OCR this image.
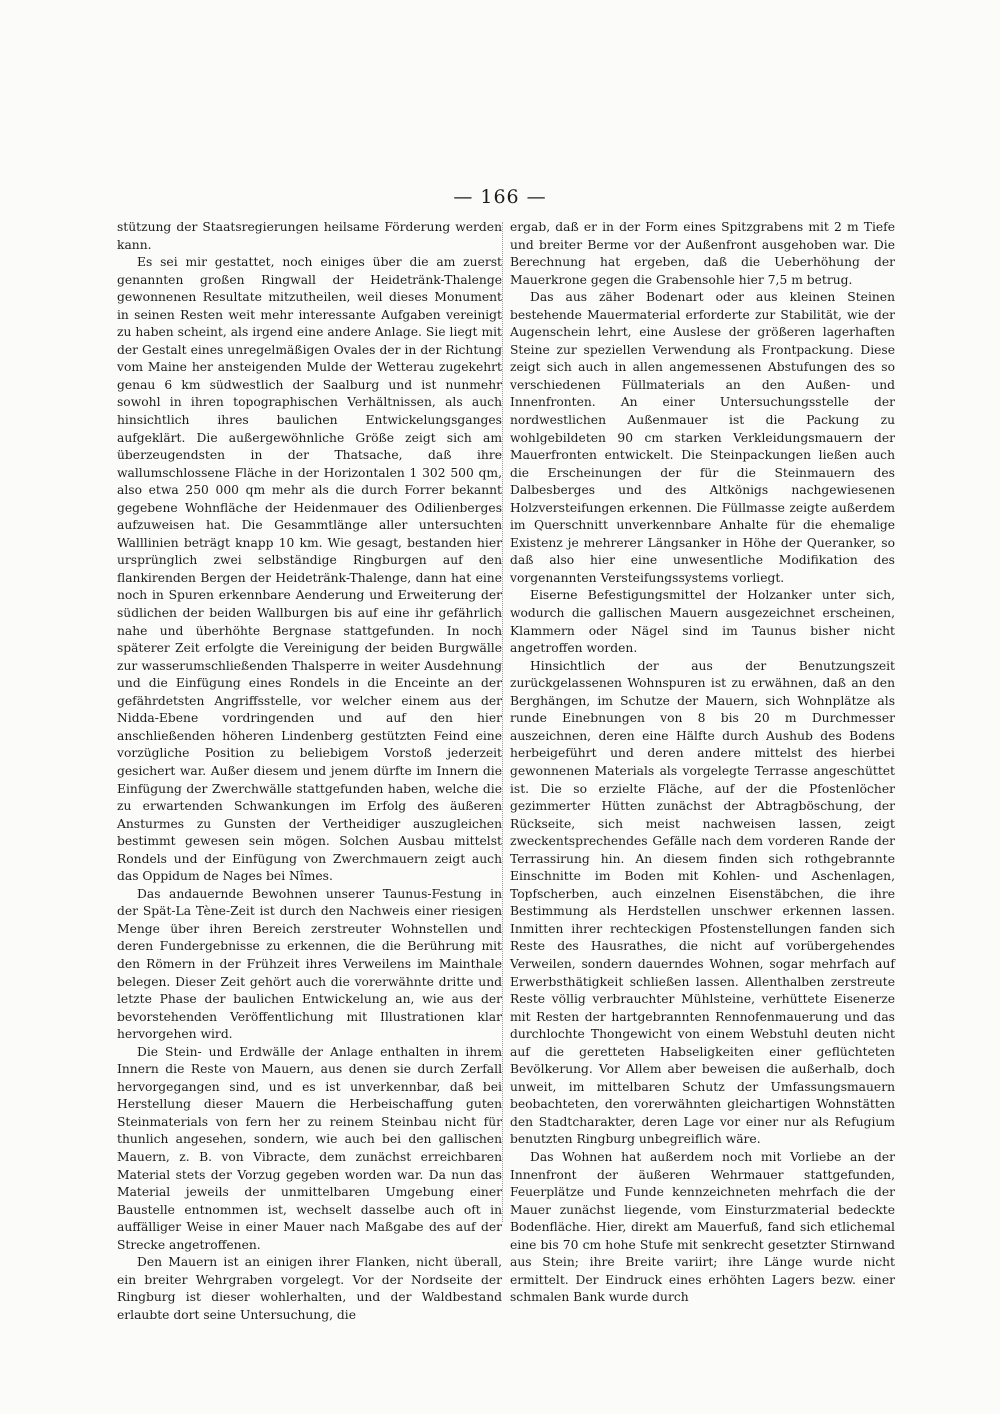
— 166 —

stützung der Staatsregierungen heilsame Förderung werden kann.

Es sei mir gestattet, noch einiges über die am zuerst genannten großen Ringwall der Heidetränk-Thalenge gewonnenen Resultate mitzutheilen, weil dieses Monument in seinen Resten weit mehr interessante Aufgaben vereinigt zu haben scheint, als irgend eine andere Anlage. Sie liegt mit der Gestalt eines unregelmäßigen Ovales der in der Richtung vom Maine her ansteigenden Mulde der Wetterau zugekehrt genau 6 km südwestlich der Saalburg und ist nunmehr sowohl in ihren topographischen Verhältnissen, als auch hinsichtlich ihres baulichen Entwickelungsganges aufgeklärt. Die außergewöhnliche Größe zeigt sich am überzeugendsten in der Thatsache, daß ihre wallumschlossene Fläche in der Horizontalen 1 302 500 qm, also etwa 250 000 qm mehr als die durch Forrer bekannt gegebene Wohnfläche der Heidenmauer des Odilienberges aufzuweisen hat. Die Gesammtlänge aller untersuchten Walllinien beträgt knapp 10 km. Wie gesagt, bestanden hier ursprünglich zwei selbständige Ringburgen auf den flankirenden Bergen der Heidetränk-Thalenge, dann hat eine noch in Spuren erkennbare Aenderung und Erweiterung der südlichen der beiden Wallburgen bis auf eine ihr gefährlich nahe und überhöhte Bergnase stattgefunden. In noch späterer Zeit erfolgte die Vereinigung der beiden Burgwälle zur wasserumschließenden Thalsperre in weiter Ausdehnung und die Einfügung eines Rondels in die Enceinte an der gefährdetsten Angriffsstelle, vor welcher einem aus der Nidda-Ebene vordringenden und auf den hier anschließenden höheren Lindenberg gestützten Feind eine vorzügliche Position zu beliebigem Vorstoß jederzeit gesichert war. Außer diesem und jenem dürfte im Innern die Einfügung der Zwerchwälle stattgefunden haben, welche die zu erwartenden Schwankungen im Erfolg des äußeren Ansturmes zu Gunsten der Vertheidiger auszugleichen bestimmt gewesen sein mögen. Solchen Ausbau mittelst Rondels und der Einfügung von Zwerchmauern zeigt auch das Oppidum de Nages bei Nîmes.

Das andauernde Bewohnen unserer Taunus-Festung in der Spät-La Tène-Zeit ist durch den Nachweis einer riesigen Menge über ihren Bereich zerstreuter Wohnstellen und deren Fundergebnisse zu erkennen, die die Berührung mit den Römern in der Frühzeit ihres Verweilens im Mainthale belegen. Dieser Zeit gehört auch die vorerwähnte dritte und letzte Phase der baulichen Entwickelung an, wie aus der bevorstehenden Veröffentlichung mit Illustrationen klar hervorgehen wird.

Die Stein- und Erdwälle der Anlage enthalten in ihrem Innern die Reste von Mauern, aus denen sie durch Zerfall hervorgegangen sind, und es ist unverkennbar, daß bei Herstellung dieser Mauern die Herbeischaffung guten Steinmaterials von fern her zu reinem Steinbau nicht für thunlich angesehen, sondern, wie auch bei den gallischen Mauern, z. B. von Vibracte, dem zunächst erreichbaren Material stets der Vorzug gegeben worden war. Da nun das Material jeweils der unmittelbaren Umgebung einer Baustelle entnommen ist, wechselt dasselbe auch oft in auffälliger Weise in einer Mauer nach Maßgabe des auf der Strecke angetroffenen.

Den Mauern ist an einigen ihrer Flanken, nicht überall, ein breiter Wehrgraben vorgelegt. Vor der Nordseite der Ringburg ist dieser wohlerhalten, und der Waldbestand erlaubte dort seine Untersuchung, die

ergab, daß er in der Form eines Spitzgrabens mit 2 m Tiefe und breiter Berme vor der Außenfront ausgehoben war. Die Berechnung hat ergeben, daß die Ueberhöhung der Mauerkrone gegen die Grabensohle hier 7,5 m betrug.

Das aus zäher Bodenart oder aus kleinen Steinen bestehende Mauermaterial erforderte zur Stabilität, wie der Augenschein lehrt, eine Auslese der größeren lagerhaften Steine zur speziellen Verwendung als Frontpackung. Diese zeigt sich auch in allen angemessenen Abstufungen des so verschiedenen Füllmaterials an den Außen- und Innenfronten. An einer Untersuchungsstelle der nordwestlichen Außenmauer ist die Packung zu wohlgebildeten 90 cm starken Verkleidungsmauern der Mauerfronten entwickelt. Die Steinpackungen ließen auch die Erscheinungen der für die Steinmauern des Dalbesberges und des Altkönigs nachgewiesenen Holzversteifungen erkennen. Die Füllmasse zeigte außerdem im Querschnitt unverkennbare Anhalte für die ehemalige Existenz je mehrerer Längsanker in Höhe der Queranker, so daß also hier eine unwesentliche Modifikation des vorgenannten Versteifungssystems vorliegt.

Eiserne Befestigungsmittel der Holzanker unter sich, wodurch die gallischen Mauern ausgezeichnet erscheinen, Klammern oder Nägel sind im Taunus bisher nicht angetroffen worden.

Hinsichtlich der aus der Benutzungszeit zurückgelassenen Wohnspuren ist zu erwähnen, daß an den Berghängen, im Schutze der Mauern, sich Wohnplätze als runde Einebnungen von 8 bis 20 m Durchmesser auszeichnen, deren eine Hälfte durch Aushub des Bodens herbeigeführt und deren andere mittelst des hierbei gewonnenen Materials als vorgelegte Terrasse angeschüttet ist. Die so erzielte Fläche, auf der die Pfostenlöcher gezimmerter Hütten zunächst der Abtragböschung, der Rückseite, sich meist nachweisen lassen, zeigt zweckentsprechendes Gefälle nach dem vorderen Rande der Terrassirung hin. An diesem finden sich rothgebrannte Einschnitte im Boden mit Kohlen- und Aschenlagen, Topfscherben, auch einzelnen Eisenstäbchen, die ihre Bestimmung als Herdstellen unschwer erkennen lassen. Inmitten ihrer rechteckigen Pfostenstellungen fanden sich Reste des Hausrathes, die nicht auf vorübergehendes Verweilen, sondern dauerndes Wohnen, sogar mehrfach auf Erwerbsthätigkeit schließen lassen. Allenthalben zerstreute Reste völlig verbrauchter Mühlsteine, verhüttete Eisenerze mit Resten der hartgebrannten Rennofenmauerung und das durchlochte Thongewicht von einem Webstuhl deuten nicht auf die geretteten Habseligkeiten einer geflüchteten Bevölkerung. Vor Allem aber beweisen die außerhalb, doch unweit, im mittelbaren Schutz der Umfassungsmauern beobachteten, den vorerwähnten gleichartigen Wohnstätten den Stadtcharakter, deren Lage vor einer nur als Refugium benutzten Ringburg unbegreiflich wäre.

Das Wohnen hat außerdem noch mit Vorliebe an der Innenfront der äußeren Wehrmauer stattgefunden, Feuerplätze und Funde kennzeichneten mehrfach die der Mauer zunächst liegende, vom Einsturzmaterial bedeckte Bodenfläche. Hier, direkt am Mauerfuß, fand sich etlichemal eine bis 70 cm hohe Stufe mit senkrecht gesetzter Stirnwand aus Stein; ihre Breite variirt; ihre Länge wurde nicht ermittelt. Der Eindruck eines erhöhten Lagers bezw. einer schmalen Bank wurde durch
